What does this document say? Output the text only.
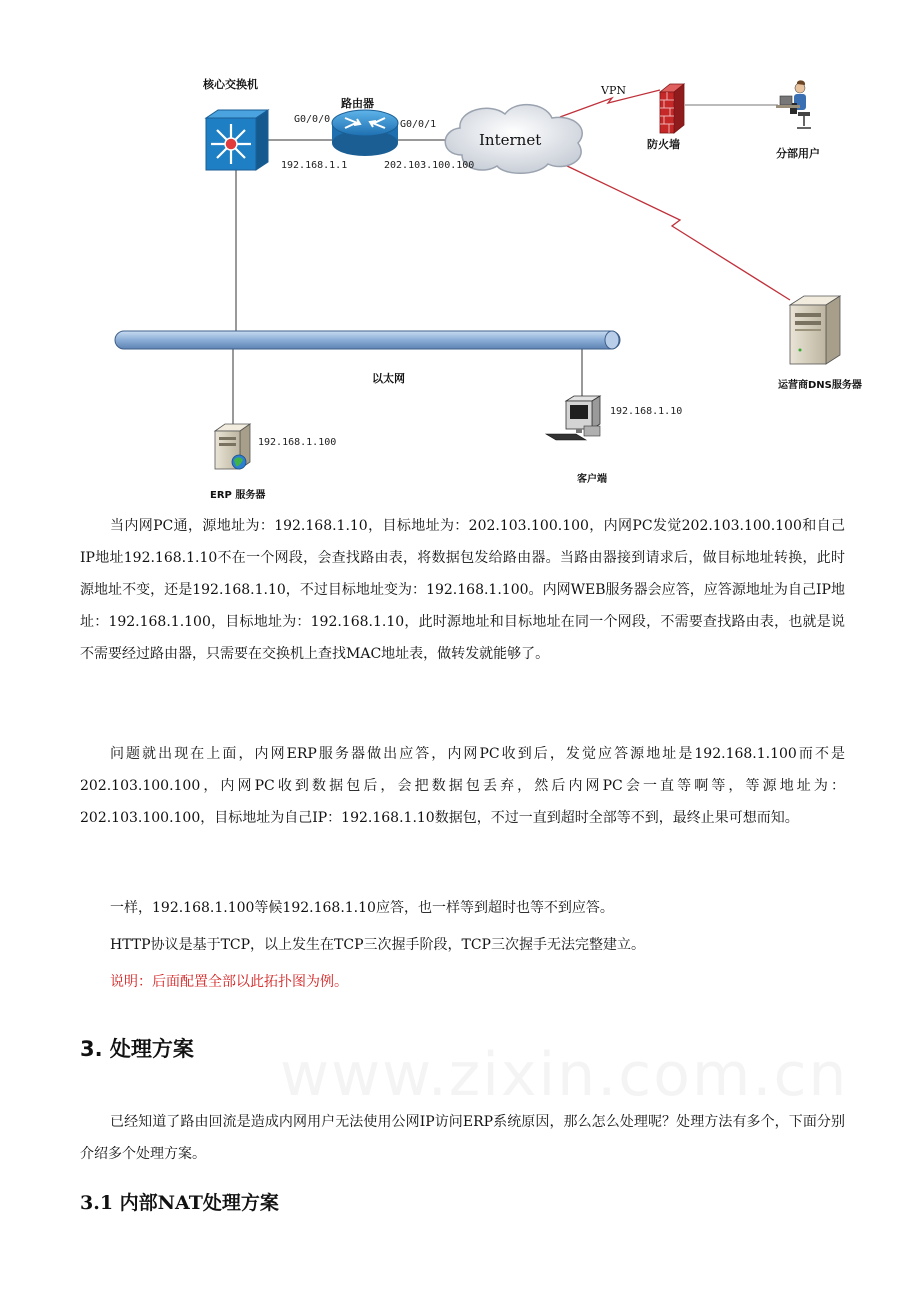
核心交换机
路由器
G0/0/0	G0/0/1
192.168.1.1	202.103.100.100
Internet
VPN
防火墙
分部用户
运营商DNS服务器
以太网
192.168.1.100
ERP 服务器
192.168.1.10
客户端
www.zixin.com.cn

当内网PC通，源地址为：192.168.1.10，目标地址为：202.103.100.100，内网PC发觉202.103.100.100和自己IP地址192.168.1.10不在一个网段，会查找路由表，将数据包发给路由器。当路由器接到请求后，做目标地址转换，此时源地址不变，还是192.168.1.10，不过目标地址变为：192.168.1.100。内网WEB服务器会应答，应答源地址为自己IP地址：192.168.1.100，目标地址为：192.168.1.10，此时源地址和目标地址在同一个网段，不需要查找路由表，也就是说不需要经过路由器，只需要在交换机上查找MAC地址表，做转发就能够了。

问题就出现在上面，内网ERP服务器做出应答，内网PC收到后，发觉应答源地址是192.168.1.100而不是202.103.100.100，内网PC收到数据包后，会把数据包丢弃，然后内网PC会一直等啊等，等源地址为：202.103.100.100，目标地址为自己IP：192.168.1.10数据包，不过一直到超时全部等不到，最终止果可想而知。

一样，192.168.1.100等候192.168.1.10应答，也一样等到超时也等不到应答。

HTTP协议是基于TCP，以上发生在TCP三次握手阶段，TCP三次握手无法完整建立。

说明：后面配置全部以此拓扑图为例。

3. 处理方案

已经知道了路由回流是造成内网用户无法使用公网IP访问ERP系统原因，那么怎么处理呢？处理方法有多个，下面分别介绍多个处理方案。

3.1 内部NAT处理方案
